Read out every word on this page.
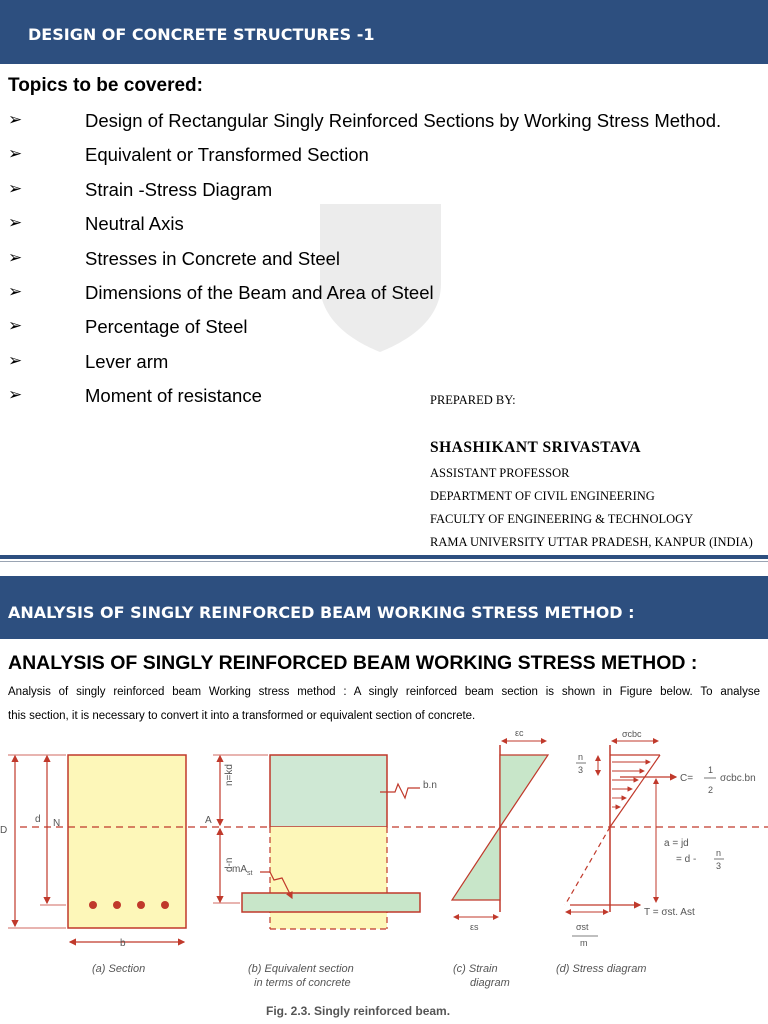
DESIGN OF CONCRETE STRUCTURES -1
Topics to be covered:
➢	Design of Rectangular Singly Reinforced Sections by Working Stress Method.
➢	Equivalent or Transformed Section
➢	Strain -Stress Diagram
➢	Neutral Axis
➢	Stresses in Concrete and Steel
➢	Dimensions of the Beam and Area of Steel
➢	Percentage of Steel
➢	Lever arm
➢	Moment of resistance	PREPARED BY:
SHASHIKANT SRIVASTAVA
ASSISTANT PROFESSOR
DEPARTMENT OF CIVIL ENGINEERING
FACULTY OF ENGINEERING & TECHNOLOGY
RAMA UNIVERSITY UTTAR PRADESH, KANPUR (INDIA)
ANALYSIS OF SINGLY REINFORCED BEAM WORKING STRESS METHOD :
ANALYSIS OF SINGLY REINFORCED BEAM WORKING STRESS METHOD :
Analysis of singly reinforced beam Working stress method : A singly reinforced beam section is shown in Figure below. To analyse
this section, it is necessary to convert it into a transformed or equivalent section of concrete.
D
d N
b
(a) Section
n=kd
d-n
A
b.n
$mA_{st}$
(b) Equivalent section
in terms of concrete
εc
εs
(c) Strain
diagram
σcbc
n
3
C=
1
2
σcbc.bn
a = jd
= d -
n
3
T = σst. Ast
σst
m
(d) Stress diagram
Fig. 2.3. Singly reinforced beam.
